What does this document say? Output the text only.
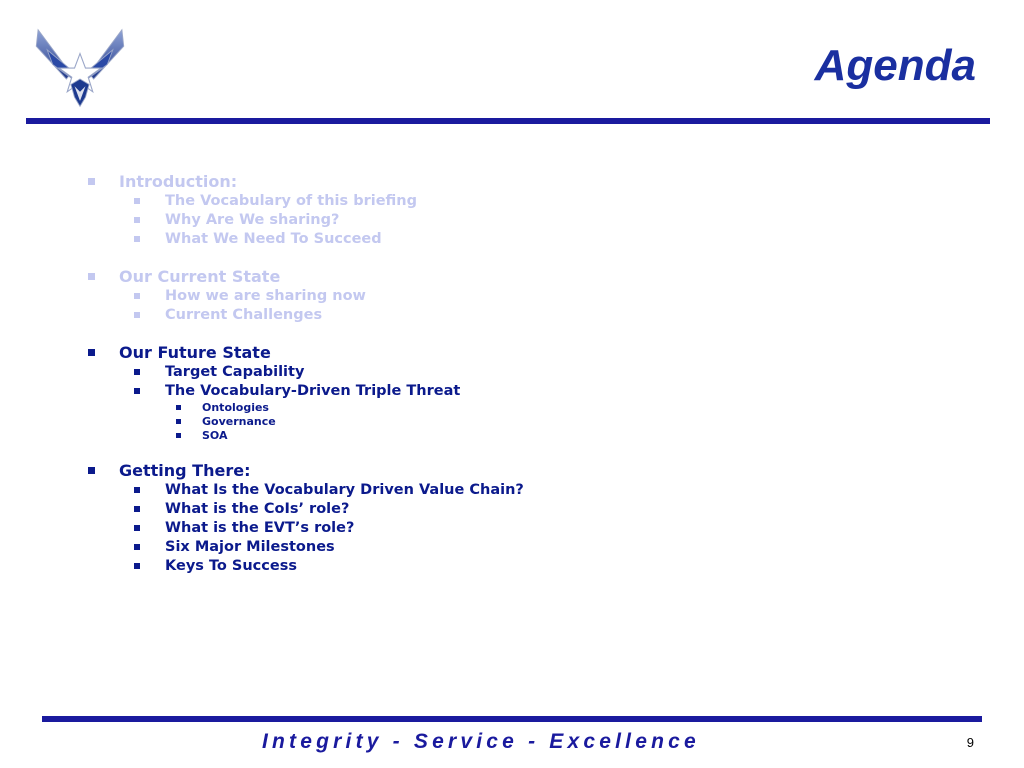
Agenda
Introduction:
The Vocabulary of this briefing
Why Are We sharing?
What We Need To Succeed
Our Current State
How we are sharing now
Current Challenges
Our Future State
Target Capability
The Vocabulary-Driven Triple Threat
Ontologies
Governance
SOA
Getting There:
What Is the Vocabulary Driven Value Chain?
What is the CoIs’ role?
What is the EVT’s role?
Six Major Milestones
Keys To Success
Integrity - Service - Excellence	9
